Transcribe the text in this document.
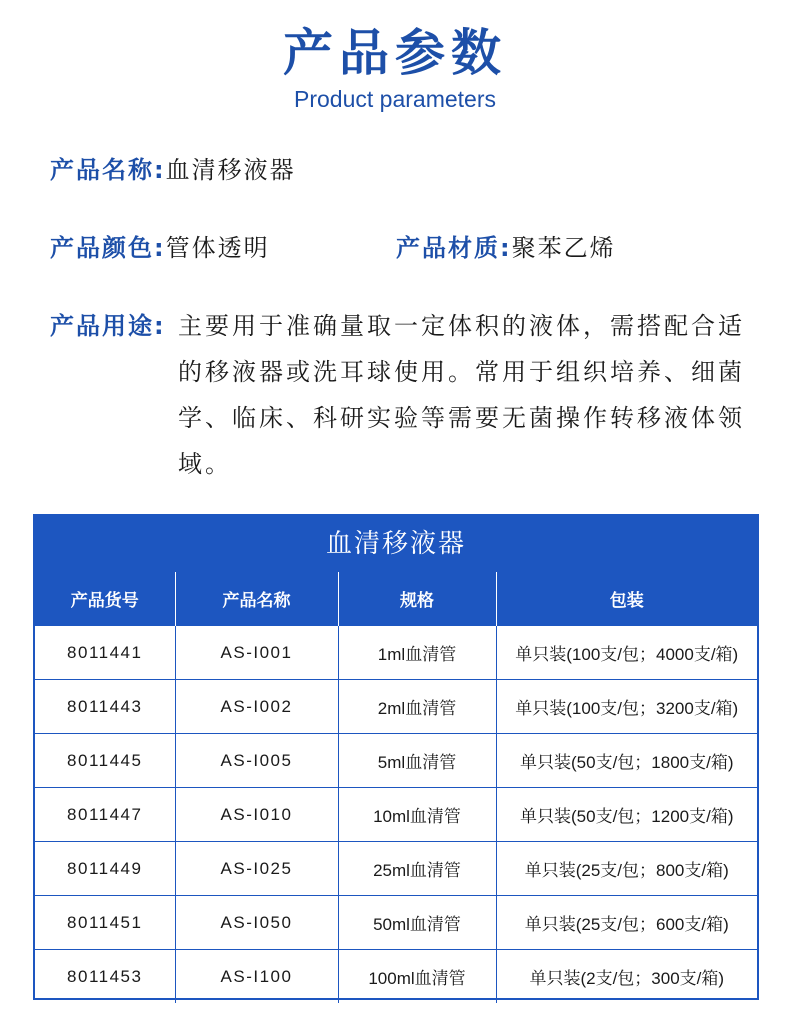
产品参数
Product parameters
产品名称:血清移液器
产品颜色:管体透明	产品材质:聚苯乙烯
产品用途: 主要用于准确量取一定体积的液体，需搭配合适的移液器或洗耳球使用。常用于组织培养、细菌学、临床、科研实验等需要无菌操作转移液体领域。
血清移液器
产品货号	产品名称	规格	包装
8011441	AS-I001	1ml血清管	单只装(100支/包；4000支/箱)
8011443	AS-I002	2ml血清管	单只装(100支/包；3200支/箱)
8011445	AS-I005	5ml血清管	单只装(50支/包；1800支/箱)
8011447	AS-I010	10ml血清管	单只装(50支/包；1200支/箱)
8011449	AS-I025	25ml血清管	单只装(25支/包；800支/箱)
8011451	AS-I050	50ml血清管	单只装(25支/包；600支/箱)
8011453	AS-I100	100ml血清管	单只装(2支/包；300支/箱)
